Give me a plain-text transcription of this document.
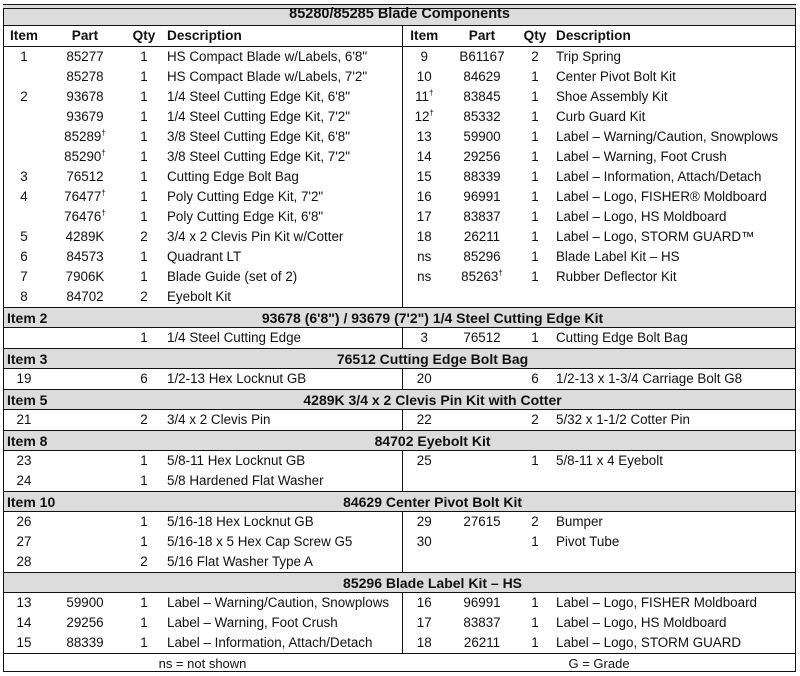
85280/85285 Blade Components							
Item	Part	Qty	Description	Item	Part	Qty	Description
1	85277	1	HS Compact Blade w/Labels, 6'8"	9	B61167	2	Trip Spring
	85278	1	HS Compact Blade w/Labels, 7'2"	10	84629	1	Center Pivot Bolt Kit
2	93678	1	1/4 Steel Cutting Edge Kit, 6'8"	11†	83845	1	Shoe Assembly Kit
	93679	1	1/4 Steel Cutting Edge Kit, 7'2"	12†	85332	1	Curb Guard Kit
	85289†	1	3/8 Steel Cutting Edge Kit, 6'8"	13	59900	1	Label – Warning/Caution, Snowplows
	85290†	1	3/8 Steel Cutting Edge Kit, 7'2"	14	29256	1	Label – Warning, Foot Crush
3	76512	1	Cutting Edge Bolt Bag	15	88339	1	Label – Information, Attach/Detach
4	76477†	1	Poly Cutting Edge Kit, 7'2"	16	96991	1	Label – Logo, FISHER® Moldboard
	76476†	1	Poly Cutting Edge Kit, 6'8"	17	83837	1	Label – Logo, HS Moldboard
5	4289K	2	3/4 x 2 Clevis Pin Kit w/Cotter	18	26211	1	Label – Logo, STORM GUARD™
6	84573	1	Quadrant LT	ns	85296	1	Blade Label Kit – HS
7	7906K	1	Blade Guide (set of 2)	ns	85263†	1	Rubber Deflector Kit
8	84702	2	Eyebolt Kit				
Item 2		93678 (6'8") / 93679 (7'2") 1/4 Steel Cutting Edge Kit					
		1	1/4 Steel Cutting Edge	3	76512	1	Cutting Edge Bolt Bag
Item 3		76512 Cutting Edge Bolt Bag					
19		6	1/2-13 Hex Locknut GB	20		6	1/2-13 x 1-3/4 Carriage Bolt G8
Item 5		4289K 3/4 x 2 Clevis Pin Kit with Cotter					
21		2	3/4 x 2 Clevis Pin	22		2	5/32 x 1-1/2 Cotter Pin
Item 8		84702 Eyebolt Kit					
23		1	5/8-11 Hex Locknut GB	25		1	5/8-11 x 4 Eyebolt
24		1	5/8 Hardened Flat Washer				
Item 10		84629 Center Pivot Bolt Kit					
26		1	5/16-18 Hex Locknut GB	29	27615	2	Bumper
27		1	5/16-18 x 5 Hex Cap Screw G5	30		1	Pivot Tube
28		2	5/16 Flat Washer Type A				
		85296 Blade Label Kit – HS					
13	59900	1	Label – Warning/Caution, Snowplows	16	96991	1	Label – Logo, FISHER Moldboard
14	29256	1	Label – Warning, Foot Crush	17	83837	1	Label – Logo, HS Moldboard
15	88339	1	Label – Information, Attach/Detach	18	26211	1	Label – Logo, STORM GUARD
ns = not shown				G = Grade			
